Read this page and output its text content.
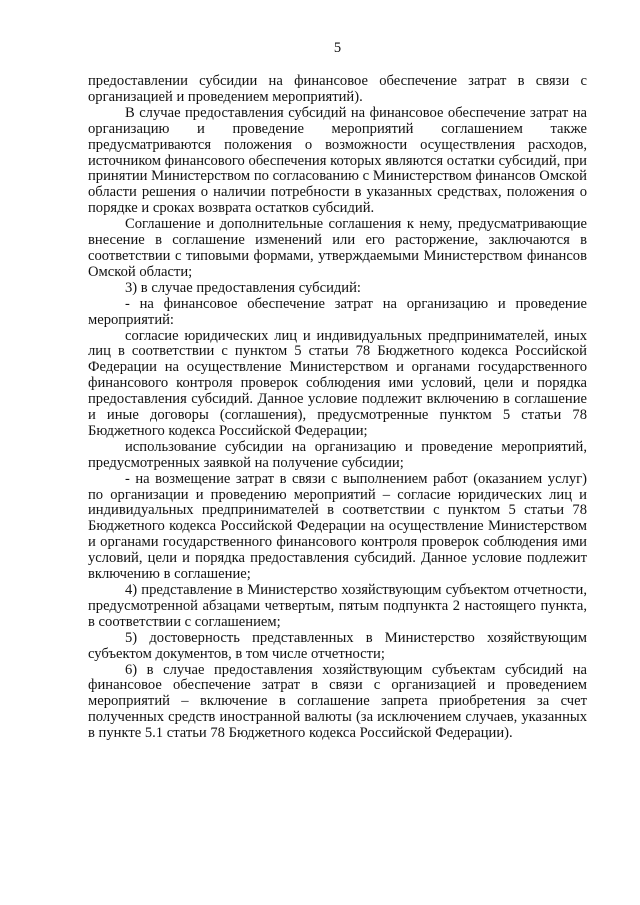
5

предоставлении субсидии на финансовое обеспечение затрат в связи с организацией и проведением мероприятий).

В случае предоставления субсидий на финансовое обеспечение затрат на организацию и проведение мероприятий соглашением также предусматриваются положения о возможности осуществления расходов, источником финансового обеспечения которых являются остатки субсидий, при принятии Министерством по согласованию с Министерством финансов Омской области решения о наличии потребности в указанных средствах, положения о порядке и сроках возврата остатков субсидий.

Соглашение и дополнительные соглашения к нему, предусматривающие внесение в соглашение изменений или его расторжение, заключаются в соответствии с типовыми формами, утверждаемыми Министерством финансов Омской области;

3) в случае предоставления субсидий:

- на финансовое обеспечение затрат на организацию и проведение мероприятий:

согласие юридических лиц и индивидуальных предпринимателей, иных лиц в соответствии с пунктом 5 статьи 78 Бюджетного кодекса Российской Федерации на осуществление Министерством и органами государственного финансового контроля проверок соблюдения ими условий, цели и порядка предоставления субсидий. Данное условие подлежит включению в соглашение и иные договоры (соглашения), предусмотренные пунктом 5 статьи 78 Бюджетного кодекса Российской Федерации;

использование субсидии на организацию и проведение мероприятий, предусмотренных заявкой на получение субсидии;

- на возмещение затрат в связи с выполнением работ (оказанием услуг) по организации и проведению мероприятий – согласие юридических лиц и индивидуальных предпринимателей в соответствии с пунктом 5 статьи 78 Бюджетного кодекса Российской Федерации на осуществление Министерством и органами государственного финансового контроля проверок соблюдения ими условий, цели и порядка предоставления субсидий. Данное условие подлежит включению в соглашение;

4) представление в Министерство хозяйствующим субъектом отчетности, предусмотренной абзацами четвертым, пятым подпункта 2 настоящего пункта, в соответствии с соглашением;

5) достоверность представленных в Министерство хозяйствующим субъектом документов, в том числе отчетности;

6) в случае предоставления хозяйствующим субъектам субсидий на финансовое обеспечение затрат в связи с организацией и проведением мероприятий – включение в соглашение запрета приобретения за счет полученных средств иностранной валюты (за исключением случаев, указанных в пункте 5.1 статьи 78 Бюджетного кодекса Российской Федерации).
